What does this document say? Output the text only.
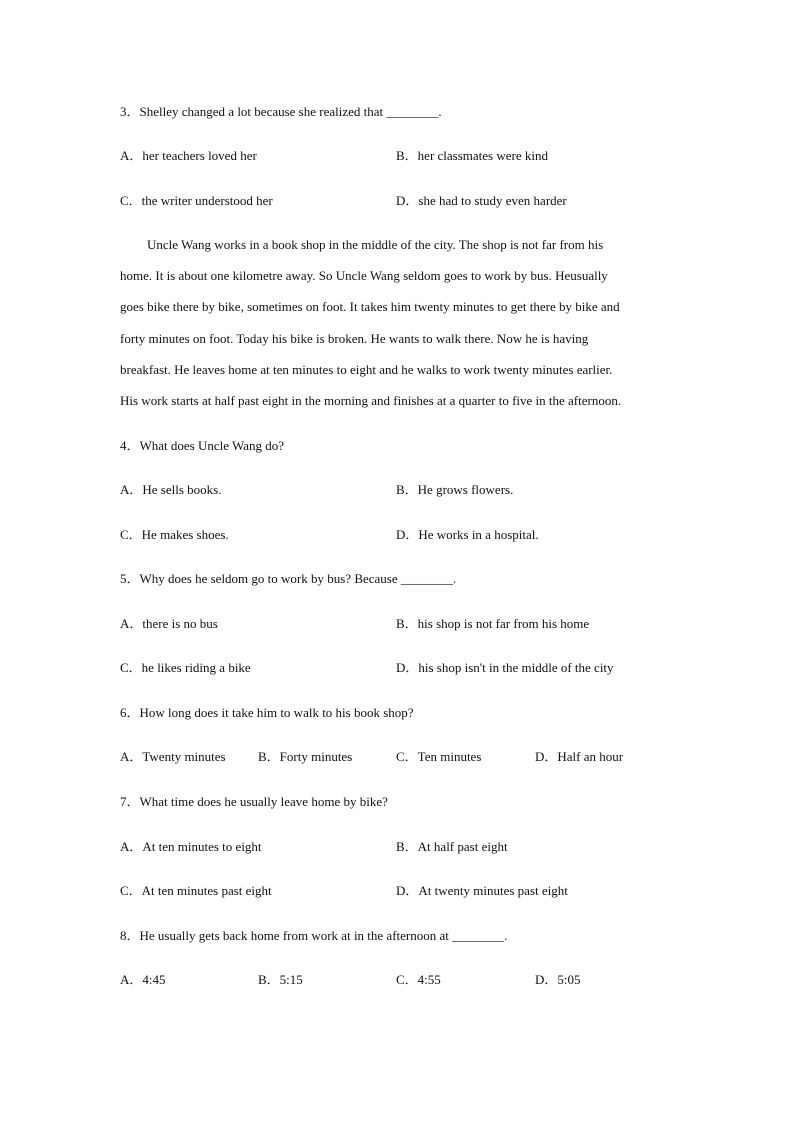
3．Shelley changed a lot because she realized that ________.
A．her teachers loved her	B．her classmates were kind
C．the writer understood her	D．she had to study even harder
Uncle Wang works in a book shop in the middle of the city. The shop is not far from his
home. It is about one kilometre away. So Uncle Wang seldom goes to work by bus. Heusually
goes bike there by bike, sometimes on foot. It takes him twenty minutes to get there by bike and
forty minutes on foot. Today his bike is broken. He wants to walk there. Now he is having
breakfast. He leaves home at ten minutes to eight and he walks to work twenty minutes earlier.
His work starts at half past eight in the morning and finishes at a quarter to five in the afternoon.
4．What does Uncle Wang do?
A．He sells books.	B．He grows flowers.
C．He makes shoes.	D．He works in a hospital.
5．Why does he seldom go to work by bus? Because ________.
A．there is no bus	B．his shop is not far from his home
C．he likes riding a bike	D．his shop isn't in the middle of the city
6．How long does it take him to walk to his book shop?
A．Twenty minutes B．Forty minutes	C．Ten minutes	D．Half an hour
7．What time does he usually leave home by bike?
A．At ten minutes to eight	B．At half past eight
C．At ten minutes past eight	D．At twenty minutes past eight
8．He usually gets back home from work at in the afternoon at ________.
A．4:45	B．5:15	C．4:55	D．5:05
